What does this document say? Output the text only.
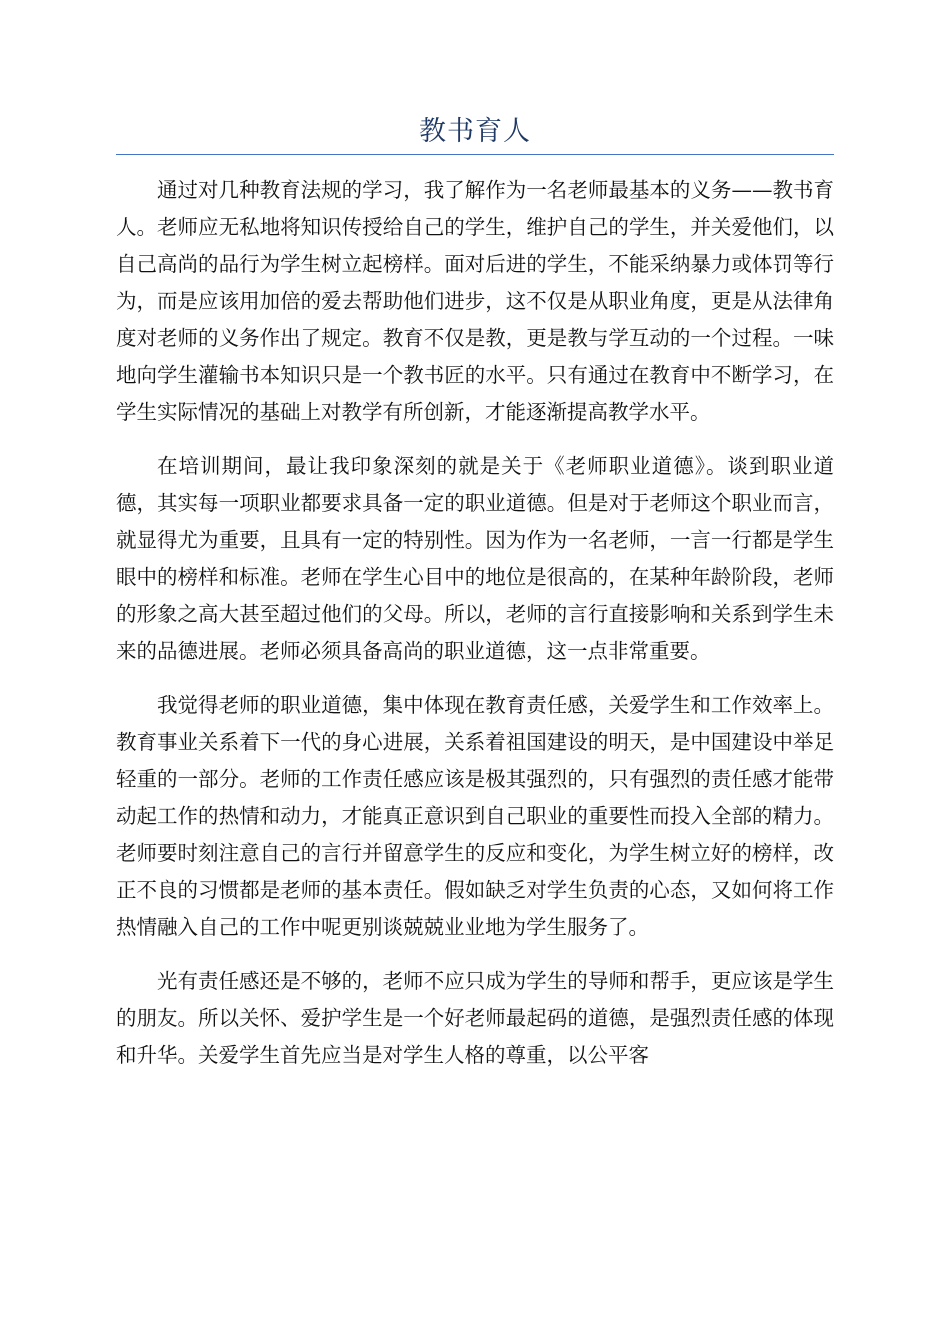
教书育人

通过对几种教育法规的学习，我了解作为一名老师最基本的义务——教书育人。老师应无私地将知识传授给自己的学生，维护自己的学生，并关爱他们，以自己高尚的品行为学生树立起榜样。面对后进的学生，不能采纳暴力或体罚等行为，而是应该用加倍的爱去帮助他们进步，这不仅是从职业角度，更是从法律角度对老师的义务作出了规定。教育不仅是教，更是教与学互动的一个过程。一味地向学生灌输书本知识只是一个教书匠的水平。只有通过在教育中不断学习，在学生实际情况的基础上对教学有所创新，才能逐渐提高教学水平。

在培训期间，最让我印象深刻的就是关于《老师职业道德》。谈到职业道德，其实每一项职业都要求具备一定的职业道德。但是对于老师这个职业而言，就显得尤为重要，且具有一定的特别性。因为作为一名老师，一言一行都是学生眼中的榜样和标准。老师在学生心目中的地位是很高的，在某种年龄阶段，老师的形象之高大甚至超过他们的父母。所以，老师的言行直接影响和关系到学生未来的品德进展。老师必须具备高尚的职业道德，这一点非常重要。

我觉得老师的职业道德，集中体现在教育责任感，关爱学生和工作效率上。教育事业关系着下一代的身心进展，关系着祖国建设的明天，是中国建设中举足轻重的一部分。老师的工作责任感应该是极其强烈的，只有强烈的责任感才能带动起工作的热情和动力，才能真正意识到自己职业的重要性而投入全部的精力。老师要时刻注意自己的言行并留意学生的反应和变化，为学生树立好的榜样，改正不良的习惯都是老师的基本责任。假如缺乏对学生负责的心态，又如何将工作热情融入自己的工作中呢更别谈兢兢业业地为学生服务了。

光有责任感还是不够的，老师不应只成为学生的导师和帮手，更应该是学生的朋友。所以关怀、爱护学生是一个好老师最起码的道德，是强烈责任感的体现和升华。关爱学生首先应当是对学生人格的尊重，以公平客
